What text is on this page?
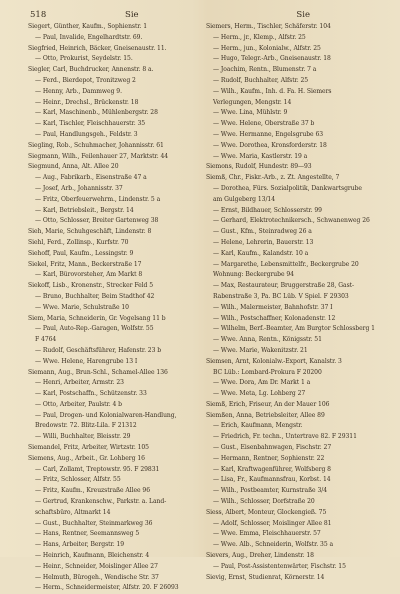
518	Sie	Sie
Siegert, Günther, Kaufm., Sophienstr. 1
— Paul, Invalide, Engelhardtstr. 69.
Siegfried, Heinrich, Bäcker, Gneisenaustr. 11.
— Otto, Prokurist, Seydelstr. 15.
Siegler, Carl, Buchdrucker, Annenstr. 8 a.
— Ferd., Bierdepot, Tronitzweg 2
— Henny, Arb., Dammweg 9.
— Heinr., Drechsl., Brückenstr. 18
— Karl, Maschinenb., Mühlenbergstr. 28
— Karl, Tischler, Fleischhauerstr. 35
— Paul, Handlungsgeh., Feldstr. 3
Siegling, Rob., Schuhmacher, Johannisstr. 61
Siegmann, Wilh., Feilenhauer 27, Marktstr. 44
Siegmund, Anna, Alt. Allee 20
— Aug., Fabrikarb., Eisenstraße 47 a
— Josef, Arb., Johannisstr. 37
— Fritz, Oberfeuerwehrm., Lindenstr. 5 a
— Karl, Betriebsleit., Bergstr. 14
— Otto, Schlosser, Breiter Gartenweg 38
Sieh, Marie, Schuhgeschäft, Lindenstr. 8
Siehl, Ferd., Zollinsp., Kurfstr. 70
Siehoff, Paul, Kaufm., Lessingstr. 9
Siekel, Fritz, Mann., Beckerstraße 17
— Karl, Bürovorsteher, Am Markt 8
Siekoff, Lisb., Kronenstr., Strecker Feld 5
— Bruno, Buchhalter, Beim Stadthof 42
— Wwe. Marie, Schulstraße 10
Siem, Maria, Schneiderin, Gr. Vogelsang 11 b
— Paul, Auto-Rep.-Garagen, Wolfstr. 55
F 4764
— Rudolf, Geschäftsführer, Hafenstr. 23 b
— Wwe. Helene, Harengrube 13 I
Siemann, Aug., Brun-Schl., Schamel-Allee 136
— Henri, Arbeiter, Armstr. 23
— Karl, Postschaffn., Schützenstr. 33
— Otto, Arbeiter, Paulstr. 4 b
— Paul, Drogen- und Kolonialwaren-Handlung,
Bredowstr. 72. Blitz-Lila. F 21312
— Willi, Buchhalter, Bleisstr. 29
Siemandel, Fritz, Arbeiter, Wirtzstr. 105
Siemens, Aug., Arbeit., Gr. Lohberg 16
— Carl, Zollamt, Treptowstr. 95. F 29831
— Fritz, Schlosser, Alfstr. 55
— Fritz, Kaufm., Kreuzstraße Allee 96
— Gertrud, Krankenschw., Parkstr. a. Land-
schaftsbüro, Altmarkt 14
— Gust., Buchhalter, Steinmarkweg 36
— Hans, Rentner, Seemannsweg 5
— Hans, Arbeiter, Bergstr. 19
— Heinrich, Kaufmann, Bleichenstr. 4
— Heinr., Schneider, Moislinger Allee 27
— Helmuth, Bürogeh., Wendische Str. 37
— Herm., Schneidermeister, Alfstr. 20. F 26093
Siemers, Herm., Tischler, Schäferstr. 104
— Herm., jr., Klemp., Alfstr. 25
— Herm., jun., Kolonialw., Alfstr. 25
— Hugo, Telegr.-Arb., Gneisenaustr. 18
— Joachim, Rentn., Blumenstr. 7 a
— Rudolf, Buchhalter, Alfstr. 25
— Wilh., Kaufm., Inh. d. Fa. H. Siemers
Verlegungen, Mengstr. 14
— Wwe. Lina, Mühlstr. 9
— Wwe. Helene, Oberstraße 37 b
— Wwe. Hermanne, Engelsgrube 63
— Wwe. Dorothea, Kronsforderstr. 18
— Wwe. Maria, Kastlerstr. 19 a
Siemons, Rudolf, Hundestr. 89—93
Siemß, Chr., Fiskr.-Arb., z. Zt. Angestellte, 7
— Dorothea, Fürs. Sozialpolitik, Dankwartsgrube
am Gulgeberg 13/14
— Ernst, Bildhauer, Schlosserstr. 99
— Gerhard, Elektrotechnikersch., Schwanenweg 26
— Gust., Kfm., Steinradweg 26 a
— Helene, Lehrerin, Bauerstr. 13
— Karl, Kaufm., Kalandstr. 10 a
— Margarethe, Lebensmittelfr., Beckergrube 20
Wohnung: Beckergrube 94
— Max, Restaurateur, Bruggerstraße 28, Gast-
Rabenstraße 3, Pa. BC Lüb. V Spiel. F 29303
— Wilh., Malermeister, Bahnhofstr. 37 I
— Wilh., Postschaffner, Kolonadenstr. 12
— Wilhelm, Berf.-Beamter, Am Burgtor Schlossberg 1
— Wwe. Anna, Rentn., Königsstr. 51
— Wwe. Marie, Wakenitzstr. 21
Siemsen, Arnt, Kolonialw.-Export, Kanalstr. 3
BC Lüb.: Lombard-Prokura F 20200
— Wwe. Dora, Am Dr. Markt 1 a
— Wwe. Meta, Lg. Lohberg 27
Siemß, Erich, Friseur, An der Mauer 106
Siemßen, Anna, Betriebsleiter, Allee 89
— Erich, Kaufmann, Mengstr.
— Friedrich, Fr. techn., Untertrave 82. F 29311
— Gust., Eisenbahnwagen, Fischstr. 27
— Hermann, Rentner, Sophienstr. 22
— Karl, Kraftwagenführer, Wolfsberg 8
— Lisa, Fr., Kaufmannsfrau, Korbst. 14
— Wilh., Postbeamter, Kurnstraße 3/4
— Wilh., Schlosser, Dorfstraße 20
Siess, Albert, Monteur, Glockengieß. 75
— Adolf, Schlosser, Moislinger Allee 81
— Wwe. Emma, Fleischhauerstr. 57
— Wwe. Alb., Schneiderin, Wolfstr. 35 a
Sievers, Aug., Dreher, Lindenstr. 18
— Paul, Post-Assistentenwärter, Fischstr. 15
Sievig, Ernst, Studienrat, Körnerstr. 14
